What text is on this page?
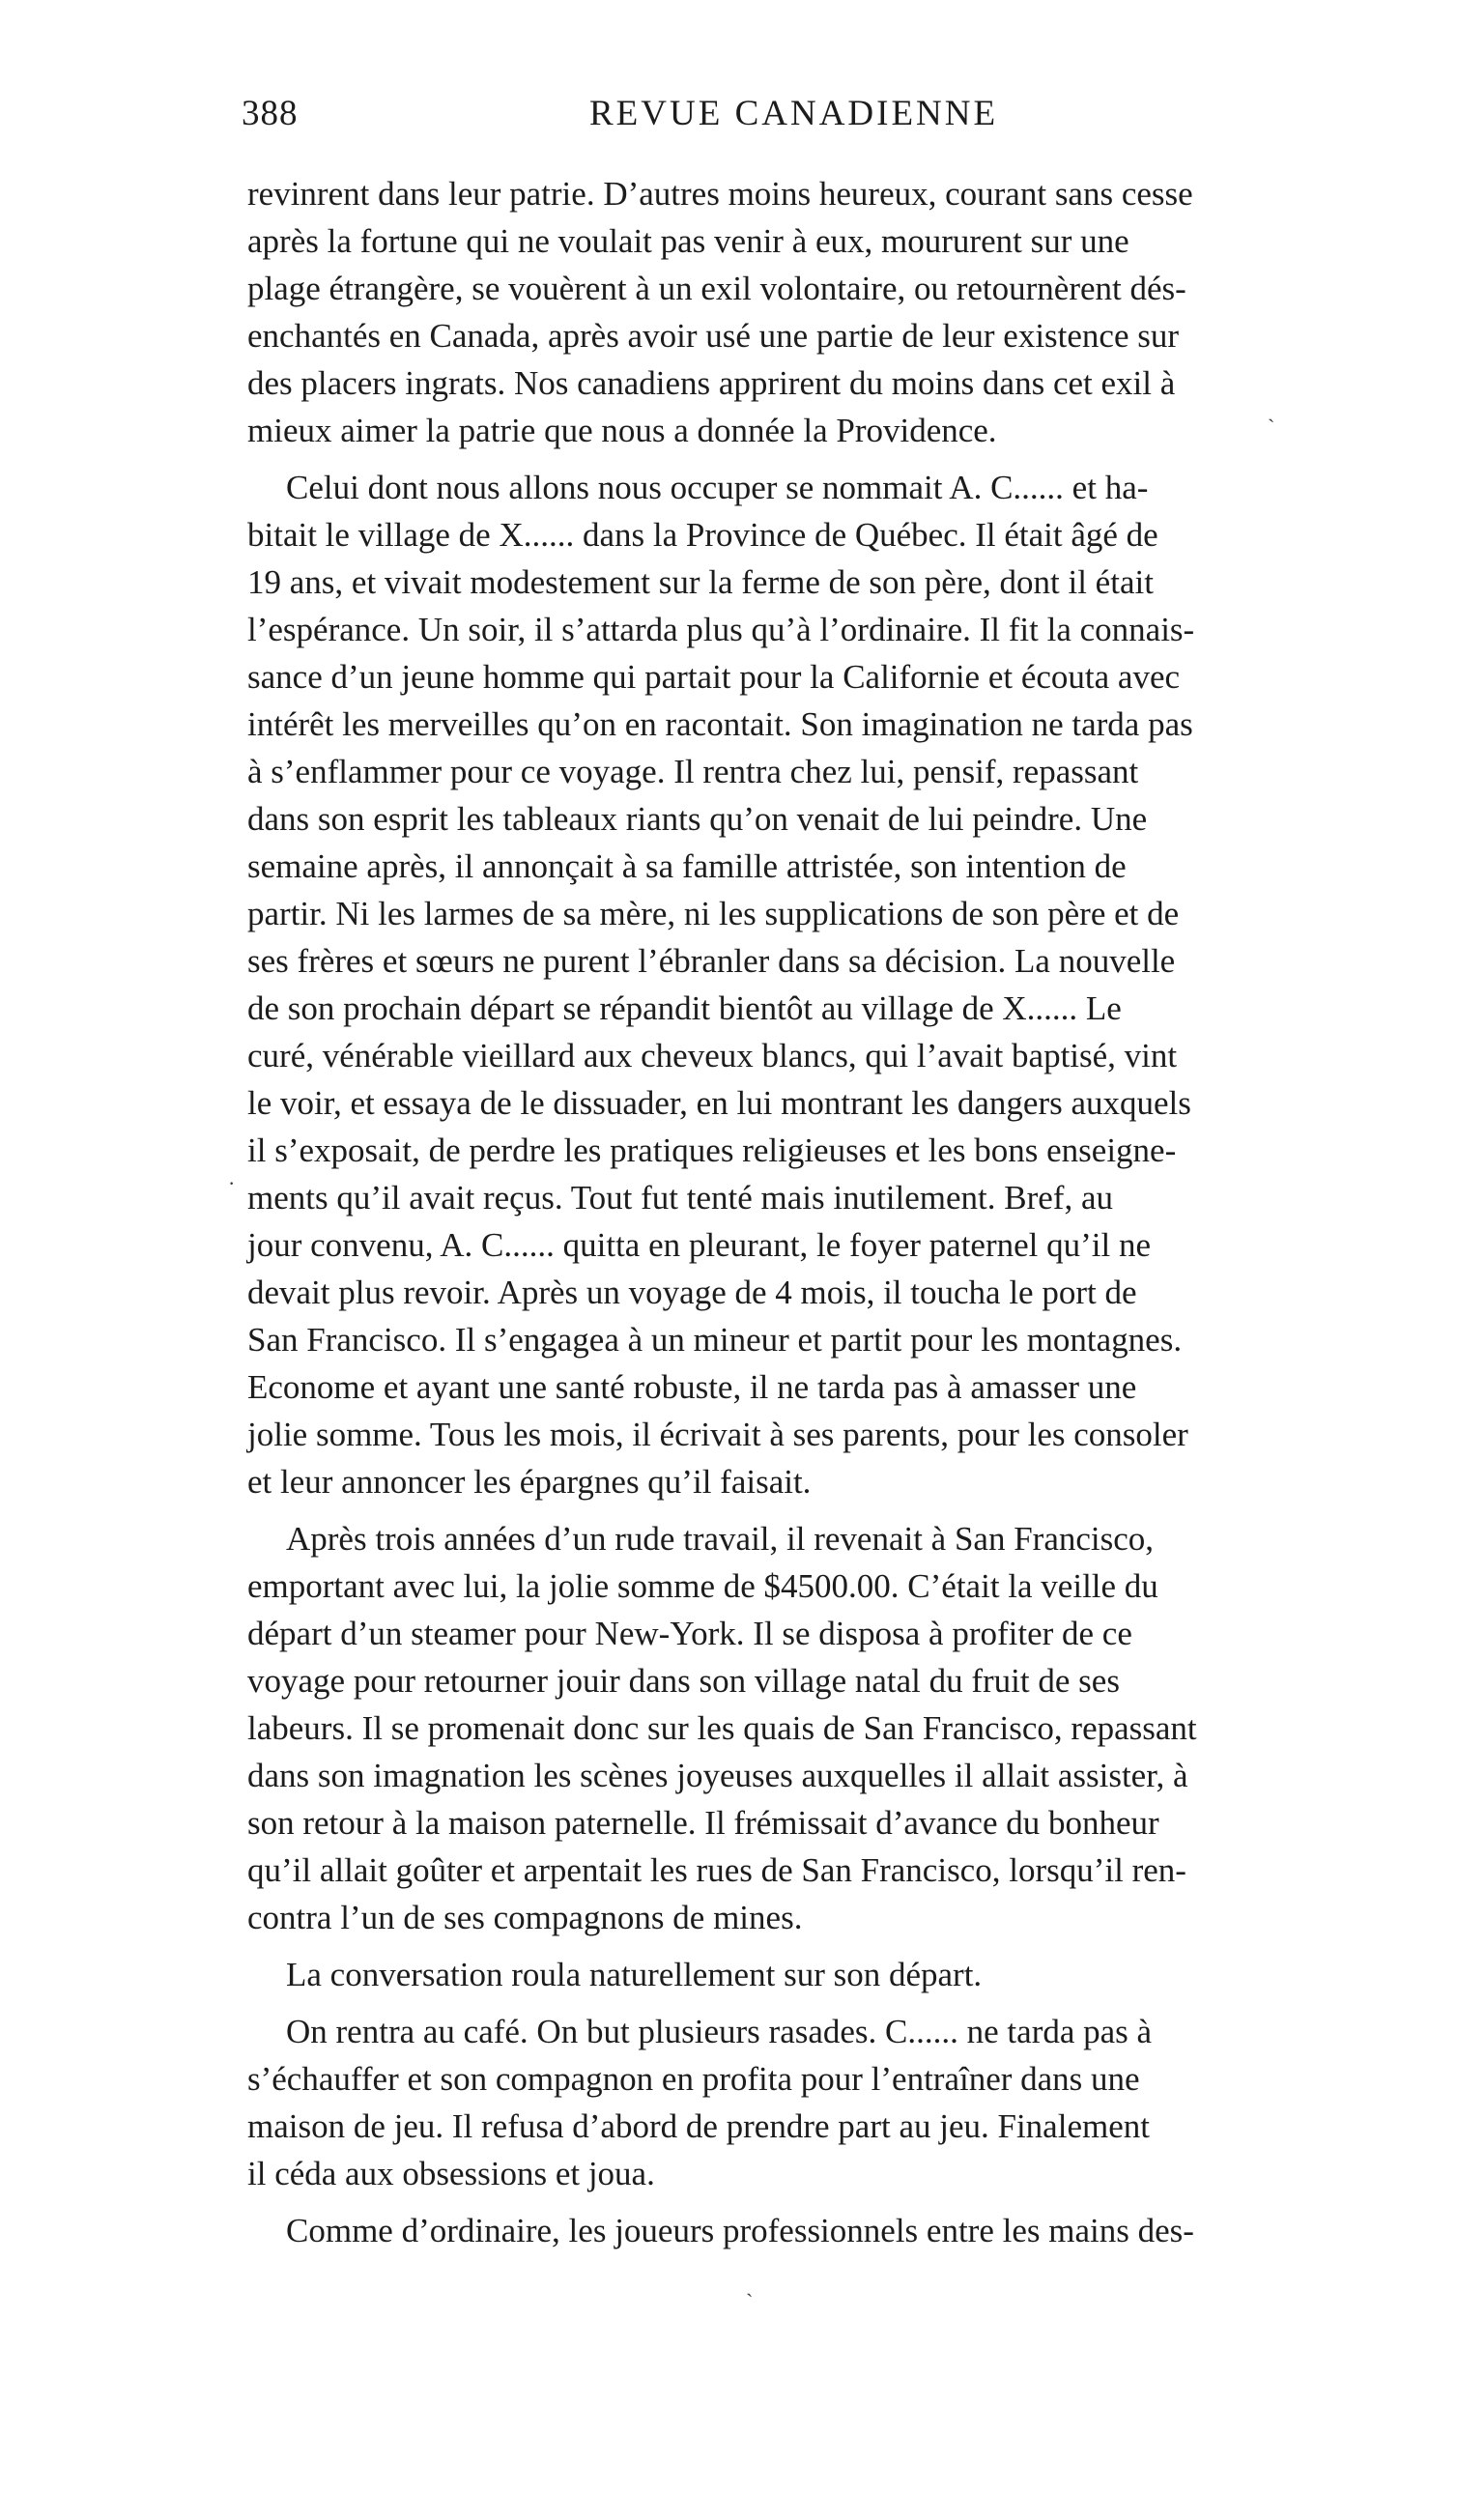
388	REVUE CANADIENNE
revinrent dans leur patrie. D’autres moins heureux, courant sans cesse
après la fortune qui ne voulait pas venir à eux, moururent sur une
plage étrangère, se vouèrent à un exil volontaire, ou retournèrent dés-
enchantés en Canada, après avoir usé une partie de leur existence sur
des placers ingrats. Nos canadiens apprirent du moins dans cet exil à
mieux aimer la patrie que nous a donnée la Providence.
Celui dont nous allons nous occuper se nommait A. C...... et ha-
bitait le village de X...... dans la Province de Québec. Il était âgé de
19 ans, et vivait modestement sur la ferme de son père, dont il était
l’espérance. Un soir, il s’attarda plus qu’à l’ordinaire. Il fit la connais-
sance d’un jeune homme qui partait pour la Californie et écouta avec
intérêt les merveilles qu’on en racontait. Son imagination ne tarda pas
à s’enflammer pour ce voyage. Il rentra chez lui, pensif, repassant
dans son esprit les tableaux riants qu’on venait de lui peindre. Une
semaine après, il annonçait à sa famille attristée, son intention de
partir. Ni les larmes de sa mère, ni les supplications de son père et de
ses frères et sœurs ne purent l’ébranler dans sa décision. La nouvelle
de son prochain départ se répandit bientôt au village de X...... Le
curé, vénérable vieillard aux cheveux blancs, qui l’avait baptisé, vint
le voir, et essaya de le dissuader, en lui montrant les dangers auxquels
il s’exposait, de perdre les pratiques religieuses et les bons enseigne-
ments qu’il avait reçus. Tout fut tenté mais inutilement. Bref, au
jour convenu, A. C...... quitta en pleurant, le foyer paternel qu’il ne
devait plus revoir. Après un voyage de 4 mois, il toucha le port de
San Francisco. Il s’engagea à un mineur et partit pour les montagnes.
Econome et ayant une santé robuste, il ne tarda pas à amasser une
jolie somme. Tous les mois, il écrivait à ses parents, pour les consoler
et leur annoncer les épargnes qu’il faisait.
Après trois années d’un rude travail, il revenait à San Francisco,
emportant avec lui, la jolie somme de $4500.00. C’était la veille du
départ d’un steamer pour New-York. Il se disposa à profiter de ce
voyage pour retourner jouir dans son village natal du fruit de ses
labeurs. Il se promenait donc sur les quais de San Francisco, repassant
dans son imagnation les scènes joyeuses auxquelles il allait assister, à
son retour à la maison paternelle. Il frémissait d’avance du bonheur
qu’il allait goûter et arpentait les rues de San Francisco, lorsqu’il ren-
contra l’un de ses compagnons de mines.
La conversation roula naturellement sur son départ.
On rentra au café. On but plusieurs rasades. C...... ne tarda pas à
s’échauffer et son compagnon en profita pour l’entraîner dans une
maison de jeu. Il refusa d’abord de prendre part au jeu. Finalement
il céda aux obsessions et joua.
Comme d’ordinaire, les joueurs professionnels entre les mains des-
ˎ
·
ˏ
